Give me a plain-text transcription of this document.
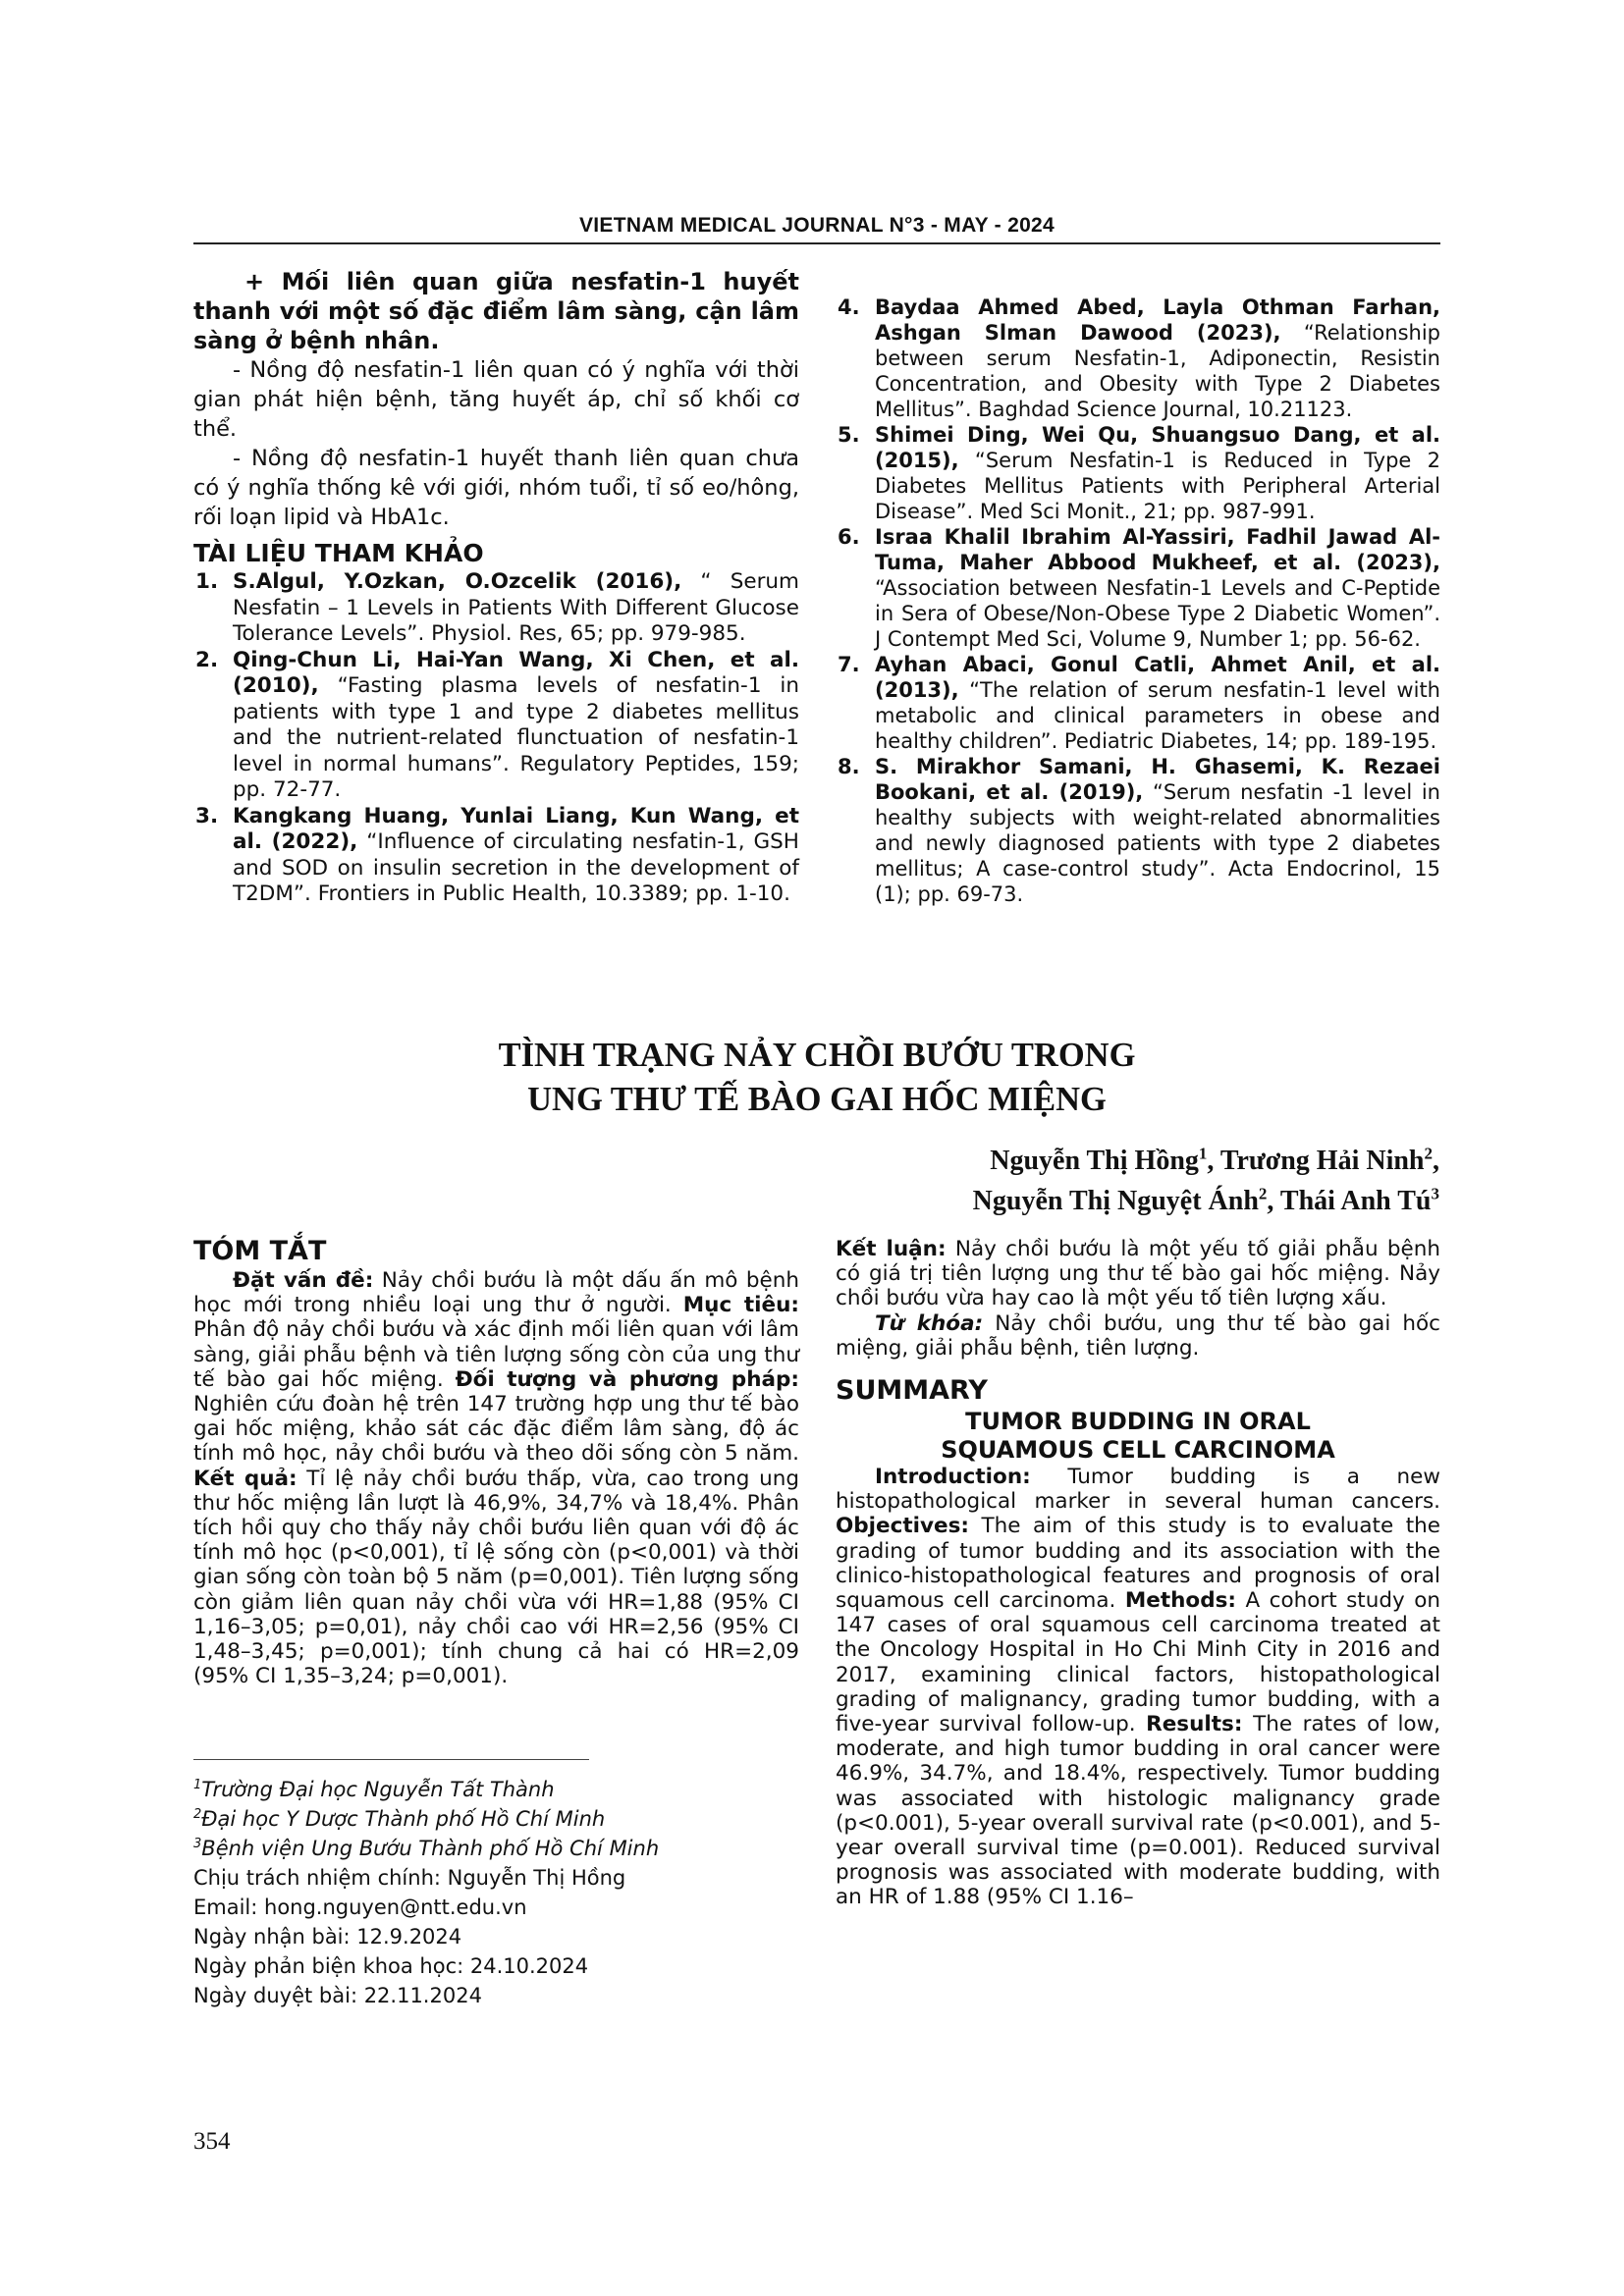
VIETNAM MEDICAL JOURNAL N°3 - MAY - 2024

+ Mối liên quan giữa nesfatin-1 huyết thanh với một số đặc điểm lâm sàng, cận lâm sàng ở bệnh nhân.

- Nồng độ nesfatin-1 liên quan có ý nghĩa với thời gian phát hiện bệnh, tăng huyết áp, chỉ số khối cơ thể.

- Nồng độ nesfatin-1 huyết thanh liên quan chưa có ý nghĩa thống kê với giới, nhóm tuổi, tỉ số eo/hông, rối loạn lipid và HbA1c.

TÀI LIỆU THAM KHẢO

1. S.Algul, Y.Ozkan, O.Ozcelik (2016), “ Serum Nesfatin – 1 Levels in Patients With Different Glucose Tolerance Levels”. Physiol. Res, 65; pp. 979-985.
2. Qing-Chun Li, Hai-Yan Wang, Xi Chen, et al. (2010), “Fasting plasma levels of nesfatin-1 in patients with type 1 and type 2 diabetes mellitus and the nutrient-related flunctuation of nesfatin-1 level in normal humans”. Regulatory Peptides, 159; pp. 72-77.
3. Kangkang Huang, Yunlai Liang, Kun Wang, et al. (2022), “Influence of circulating nesfatin-1, GSH and SOD on insulin secretion in the development of T2DM”. Frontiers in Public Health, 10.3389; pp. 1-10.
4. Baydaa Ahmed Abed, Layla Othman Farhan, Ashgan Slman Dawood (2023), “Relationship between serum Nesfatin-1, Adiponectin, Resistin Concentration, and Obesity with Type 2 Diabetes Mellitus”. Baghdad Science Journal, 10.21123.
5. Shimei Ding, Wei Qu, Shuangsuo Dang, et al. (2015), “Serum Nesfatin-1 is Reduced in Type 2 Diabetes Mellitus Patients with Peripheral Arterial Disease”. Med Sci Monit., 21; pp. 987-991.
6. Israa Khalil Ibrahim Al-Yassiri, Fadhil Jawad Al-Tuma, Maher Abbood Mukheef, et al. (2023), “Association between Nesfatin-1 Levels and C-Peptide in Sera of Obese/Non-Obese Type 2 Diabetic Women”. J Contempt Med Sci, Volume 9, Number 1; pp. 56-62.
7. Ayhan Abaci, Gonul Catli, Ahmet Anil, et al. (2013), “The relation of serum nesfatin-1 level with metabolic and clinical parameters in obese and healthy children”. Pediatric Diabetes, 14; pp. 189-195.
8. S. Mirakhor Samani, H. Ghasemi, K. Rezaei Bookani, et al. (2019), “Serum nesfatin -1 level in healthy subjects with weight-related abnormalities and newly diagnosed patients with type 2 diabetes mellitus; A case-control study”. Acta Endocrinol, 15 (1); pp. 69-73.
TÌNH TRẠNG NẢY CHỒI BƯỚU TRONG
UNG THƯ TẾ BÀO GAI HỐC MIỆNG
Nguyễn Thị Hồng$^1$, Trương Hải Ninh$^2$,
Nguyễn Thị Nguyệt Ánh$^2$, Thái Anh $Tú^3$

TÓM TẮT

Đặt vấn đề: Nảy chồi bướu là một dấu ấn mô bệnh học mới trong nhiều loại ung thư ở người. Mục tiêu: Phân độ nảy chồi bướu và xác định mối liên quan với lâm sàng, giải phẫu bệnh và tiên lượng sống còn của ung thư tế bào gai hốc miệng. Đối tượng và phương pháp: Nghiên cứu đoàn hệ trên 147 trường hợp ung thư tế bào gai hốc miệng, khảo sát các đặc điểm lâm sàng, độ ác tính mô học, nảy chồi bướu và theo dõi sống còn 5 năm. Kết quả: Tỉ lệ nảy chồi bướu thấp, vừa, cao trong ung thư hốc miệng lần lượt là 46,9%, 34,7% và 18,4%. Phân tích hồi quy cho thấy nảy chồi bướu liên quan với độ ác tính mô học (p<0,001), tỉ lệ sống còn (p<0,001) và thời gian sống còn toàn bộ 5 năm (p=0,001). Tiên lượng sống còn giảm liên quan nảy chồi vừa với HR=1,88 (95% CI 1,16–3,05; p=0,01), nảy chồi cao với HR=2,56 (95% CI 1,48–3,45; p=0,001); tính chung cả hai có HR=2,09 (95% CI 1,35–3,24; p=0,001).

$^1$Trường Đại học Nguyễn Tất Thành

$^2$Đại học Y Dược Thành phố Hồ Chí Minh

$^3$Bệnh viện Ung Bướu Thành phố Hồ Chí Minh

Chịu trách nhiệm chính: Nguyễn Thị Hồng

Email: hong.nguyen@ntt.edu.vn

Ngày nhận bài: 12.9.2024

Ngày phản biện khoa học: 24.10.2024

Ngày duyệt bài: 22.11.2024

Kết luận: Nảy chồi bướu là một yếu tố giải phẫu bệnh có giá trị tiên lượng ung thư tế bào gai hốc miệng. Nảy chồi bướu vừa hay cao là một yếu tố tiên lượng xấu.

Từ khóa: Nảy chồi bướu, ung thư tế bào gai hốc miệng, giải phẫu bệnh, tiên lượng.

SUMMARY

TUMOR BUDDING IN ORAL SQUAMOUS CELL CARCINOMA

Introduction: Tumor budding is a new histopathological marker in several human cancers. Objectives: The aim of this study is to evaluate the grading of tumor budding and its association with the clinico-histopathological features and prognosis of oral squamous cell carcinoma. Methods: A cohort study on 147 cases of oral squamous cell carcinoma treated at the Oncology Hospital in Ho Chi Minh City in 2016 and 2017, examining clinical factors, histopathological grading of malignancy, grading tumor budding, with a five-year survival follow-up. Results: The rates of low, moderate, and high tumor budding in oral cancer were 46.9%, 34.7%, and 18.4%, respectively. Tumor budding was associated with histologic malignancy grade (p<0.001), 5-year overall survival rate (p<0.001), and 5-year overall survival time (p=0.001). Reduced survival prognosis was associated with moderate budding, with an HR of 1.88 (95% CI 1.16–

354
